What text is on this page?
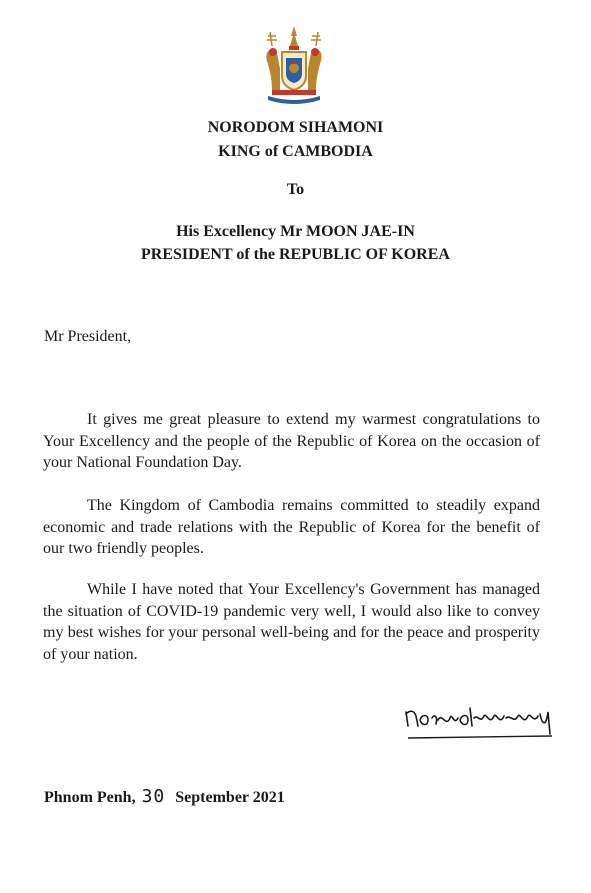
NORODOM SIHAMONI
KING of CAMBODIA
To
His Excellency Mr MOON JAE-IN
PRESIDENT of the REPUBLIC OF KOREA
Mr President,
It gives me great pleasure to extend my warmest congratulations to Your Excellency and the people of the Republic of Korea on the occasion of your National Foundation Day.
The Kingdom of Cambodia remains committed to steadily expand economic and trade relations with the Republic of Korea for the benefit of our two friendly peoples.
While I have noted that Your Excellency's Government has managed the situation of COVID-19 pandemic very well, I would also like to convey my best wishes for your personal well-being and for the peace and prosperity of your nation.
Phnom Penh, 30 September 2021
